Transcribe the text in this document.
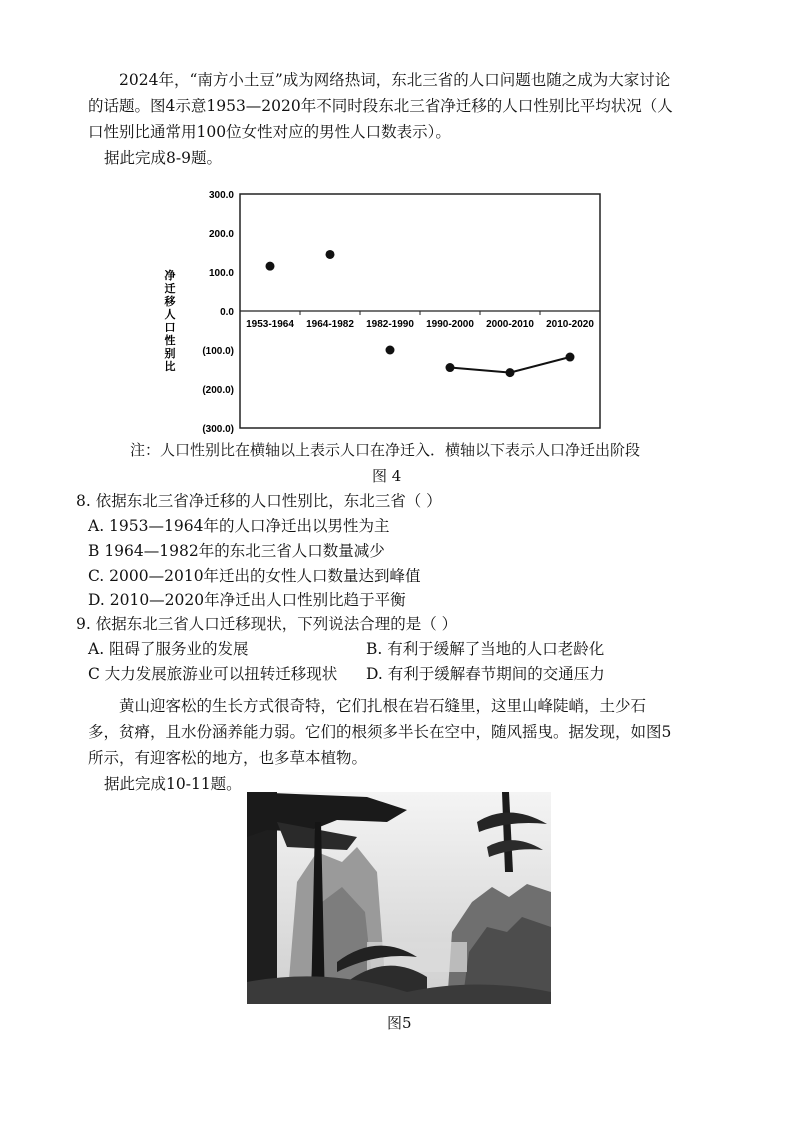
2024年，“南方小土豆”成为网络热词，东北三省的人口问题也随之成为大家讨论的话题。图4示意1953—2020年不同时段东北三省净迁移的人口性别比平均状况（人口性别比通常用100位女性对应的男性人口数表示）。
据此完成8-9题。
300.0
200.0
100.0
0.0
(100.0)
(200.0)
(300.0)
1953-1964 1964-1982 1982-1990 1990-2000 2000-2010 2010-2020
净
迁
移
人
口
性
别
比
注：人口性别比在横轴以上表示人口在净迁入．横轴以下表示人口净迁出阶段
图 4
8. 依据东北三省净迁移的人口性别比，东北三省（ ）
A. 1953—1964年的人口净迁出以男性为主
B 1964—1982年的东北三省人口数量减少
C. 2000—2010年迁出的女性人口数量达到峰值
D. 2010—2020年净迁出人口性别比趋于平衡
9. 依据东北三省人口迁移现状，下列说法合理的是（ ）
A. 阻碍了服务业的发展	B. 有利于缓解了当地的人口老龄化
C 大力发展旅游业可以扭转迁移现状 D. 有利于缓解春节期间的交通压力
黄山迎客松的生长方式很奇特，它们扎根在岩石缝里，这里山峰陡峭，土少石多，贫瘠，且水份涵养能力弱。它们的根须多半长在空中，随风摇曳。据发现，如图5所示，有迎客松的地方，也多草本植物。
据此完成10-11题。
图5
